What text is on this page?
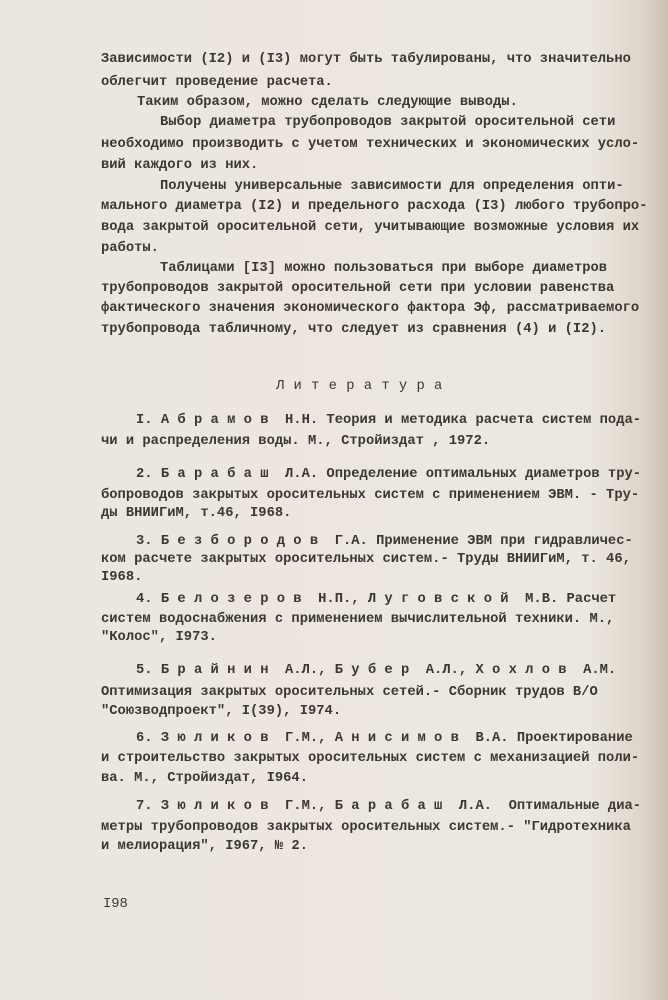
Зависимости (I2) и (I3) могут быть табулированы, что значительно
облегчит проведение расчета.
Таким образом, можно сделать следующие выводы.
Выбор диаметра трубопроводов закрытой оросительной сети
необходимо производить с учетом технических и экономических усло-
вий каждого из них.
Получены универсальные зависимости для определения опти-
мального диаметра (I2) и предельного расхода (I3) любого трубопро-
вода закрытой оросительной сети, учитывающие возможные условия их
работы.
Таблицами [I3] можно пользоваться при выборе диаметров
трубопроводов закрытой оросительной сети при условии равенства
фактического значения экономического фактора Эф, рассматриваемого
трубопровода табличному, что следует из сравнения (4) и (I2).
Л и т е р а т у р а
I. А б р а м о в  Н.Н. Теория и методика расчета систем пода-
чи и распределения воды. М., Стройиздат , 1972.
2. Б а р а б а ш  Л.А. Определение оптимальных диаметров тру-
бопроводов закрытых оросительных систем с применением ЭВМ. - Тру-
ды ВНИИГиМ, т.46, I968.
3. Б е з б о р о д о в  Г.А. Применение ЭВМ при гидравличес-
ком расчете закрытых оросительных систем.- Труды ВНИИГиМ, т. 46,
I968.
4. Б е л о з е р о в  Н.П., Л у г о в с к о й  М.В. Расчет
систем водоснабжения с применением вычислительной техники. М.,
"Колос", I973.
5. Б р а й н и н  А.Л., Б у б е р  А.Л., Х о х л о в  А.М.
Оптимизация закрытых оросительных сетей.- Сборник трудов В/О
"Союзводпроект", I(39), I974.
6. З ю л и к о в  Г.М., А н и с и м о в  В.А. Проектирование
и строительство закрытых оросительных систем с механизацией поли-
ва. М., Стройиздат, I964.
7. З ю л и к о в  Г.М., Б а р а б а ш  Л.А.  Оптимальные диа-
метры трубопроводов закрытых оросительных систем.- "Гидротехника
и мелиорация", I967, № 2.
I98
